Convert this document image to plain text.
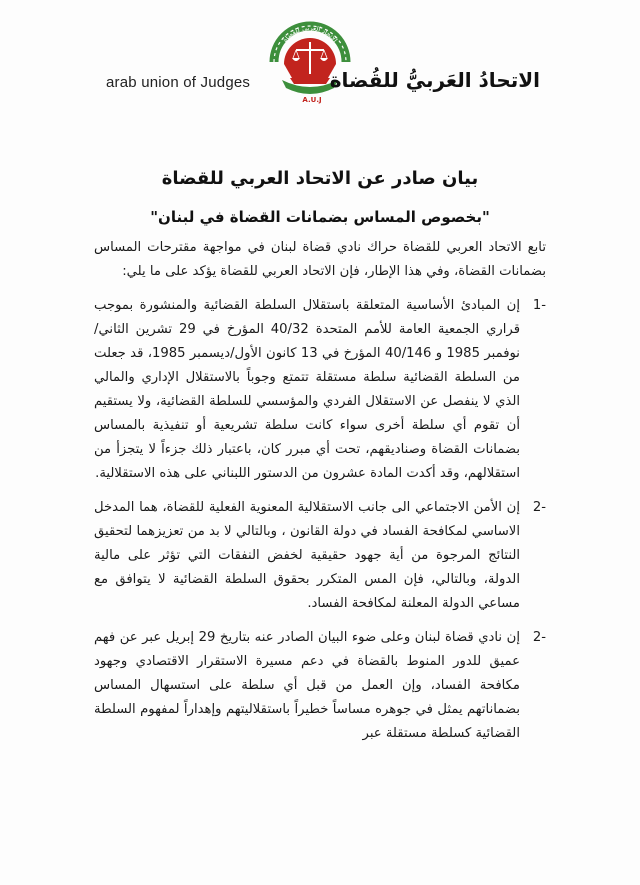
arab union of Judges
الاتحاد العربي للقضاة
A.U.J
الاتحادُ العَربيُّ للقُضاة
بيان صادر عن الاتحاد العربي للقضاة
"بخصوص المساس بضمانات القضاة في لبنان"

تابع الاتحاد العربي للقضاة حراك نادي قضاة لبنان في مواجهة مقترحات المساس بضمانات القضاة، وفي هذا الإطار، فإن الاتحاد العربي للقضاة يؤكد على ما يلي:

1-
إن المبادئ الأساسية المتعلقة باستقلال السلطة القضائية والمنشورة بموجب قراري الجمعية العامة للأمم المتحدة 40/32 المؤرخ في 29 تشرين الثاني/نوفمبر 1985 و 40/146 المؤرخ في 13 كانون الأول/ديسمبر 1985، قد جعلت من السلطة القضائية سلطة مستقلة تتمتع وجوباً بالاستقلال الإداري والمالي الذي لا ينفصل عن الاستقلال الفردي والمؤسسي للسلطة القضائية، ولا يستقيم أن تقوم أي سلطة أخرى سواء كانت سلطة تشريعية أو تنفيذية بالمساس بضمانات القضاة وصناديقهم، تحت أي مبرر كان، باعتبار ذلك جزءاً لا يتجزأ من استقلالهم، وقد أكدت المادة عشرون من الدستور اللبناني على هذه الاستقلالية.
2-
إن الأمن الاجتماعي الى جانب الاستقلالية المعنوية الفعلية للقضاة، هما المدخل الاساسي لمكافحة الفساد في دولة القانون ، وبالتالي لا بد من تعزيزهما لتحقيق النتائج المرجوة من أية جهود حقيقية لخفض النفقات التي تؤثر على مالية الدولة، وبالتالي، فإن المس المتكرر بحقوق السلطة القضائية لا يتوافق مع مساعي الدولة المعلنة لمكافحة الفساد.
2-
إن نادي قضاة لبنان وعلى ضوء البيان الصادر عنه بتاريخ 29 إبريل عبر عن فهم عميق للدور المنوط بالقضاة في دعم مسيرة الاستقرار الاقتصادي وجهود مكافحة الفساد، وإن العمل من قبل أي سلطة على استسهال المساس بضماناتهم يمثل في جوهره مساساً خطيراً باستقلاليتهم وإهداراً لمفهوم السلطة القضائية كسلطة مستقلة عبر
